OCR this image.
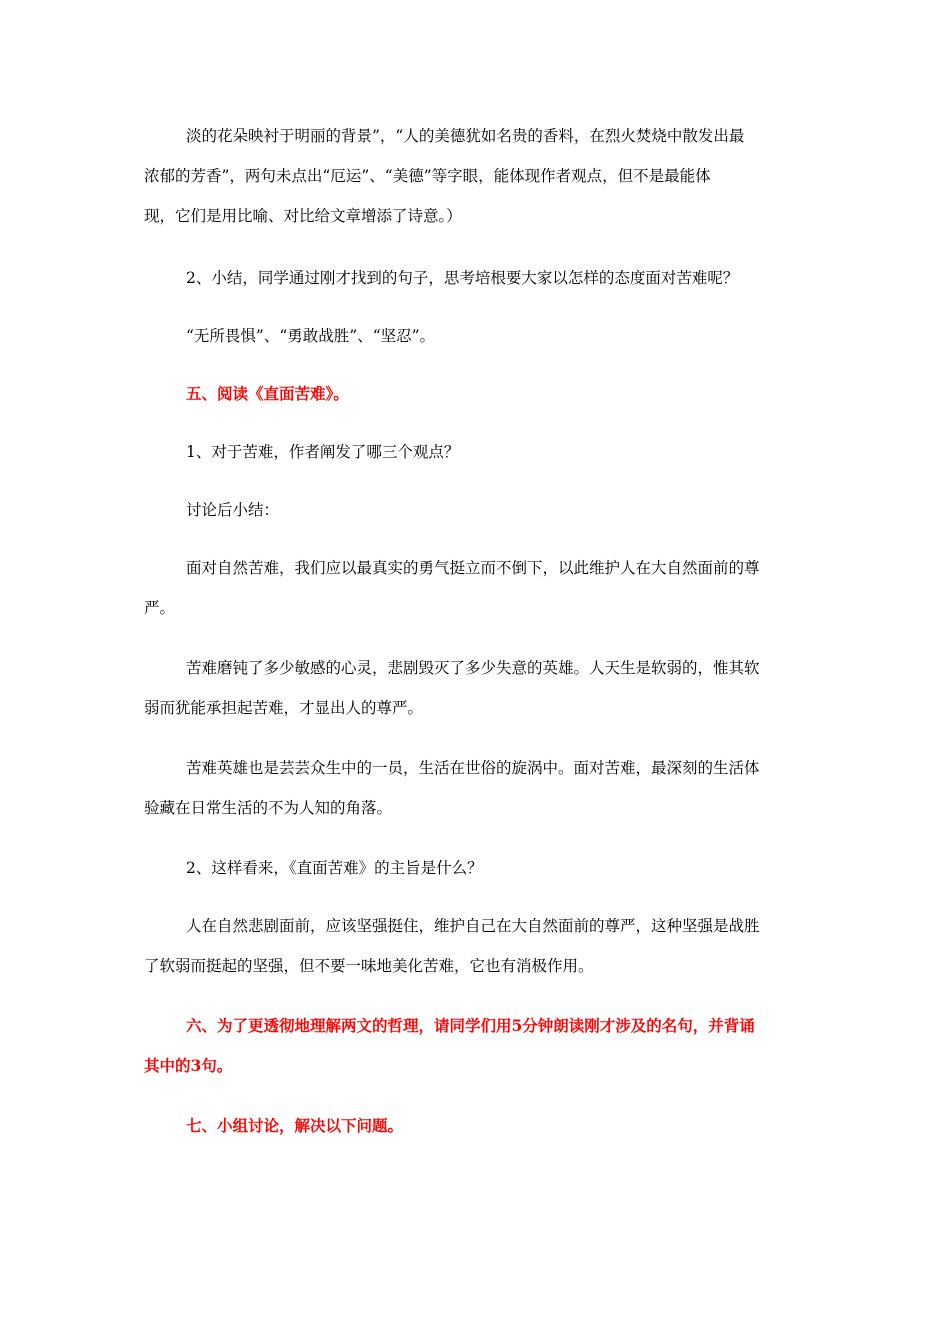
淡的花朵映衬于明丽的背景”，“人的美德犹如名贵的香料，在烈火焚烧中散发出最
浓郁的芳香”，两句未点出“厄运”、“美德”等字眼，能体现作者观点，但不是最能体
现，它们是用比喻、对比给文章增添了诗意。）
2、小结，同学通过刚才找到的句子，思考培根要大家以怎样的态度面对苦难呢？
“无所畏惧”、“勇敢战胜”、“坚忍”。
五、阅读《直面苦难》。
1、对于苦难，作者阐发了哪三个观点？
讨论后小结：
面对自然苦难，我们应以最真实的勇气挺立而不倒下，以此维护人在大自然面前的尊
严。
苦难磨钝了多少敏感的心灵，悲剧毁灭了多少失意的英雄。人天生是软弱的，惟其软
弱而犹能承担起苦难，才显出人的尊严。
苦难英雄也是芸芸众生中的一员，生活在世俗的旋涡中。面对苦难，最深刻的生活体
验藏在日常生活的不为人知的角落。
2、这样看来，《直面苦难》的主旨是什么？
人在自然悲剧面前，应该坚强挺住，维护自己在大自然面前的尊严，这种坚强是战胜
了软弱而挺起的坚强，但不要一味地美化苦难，它也有消极作用。
六、为了更透彻地理解两文的哲理，请同学们用5分钟朗读刚才涉及的名句，并背诵
其中的3句。
七、小组讨论，解决以下问题。
